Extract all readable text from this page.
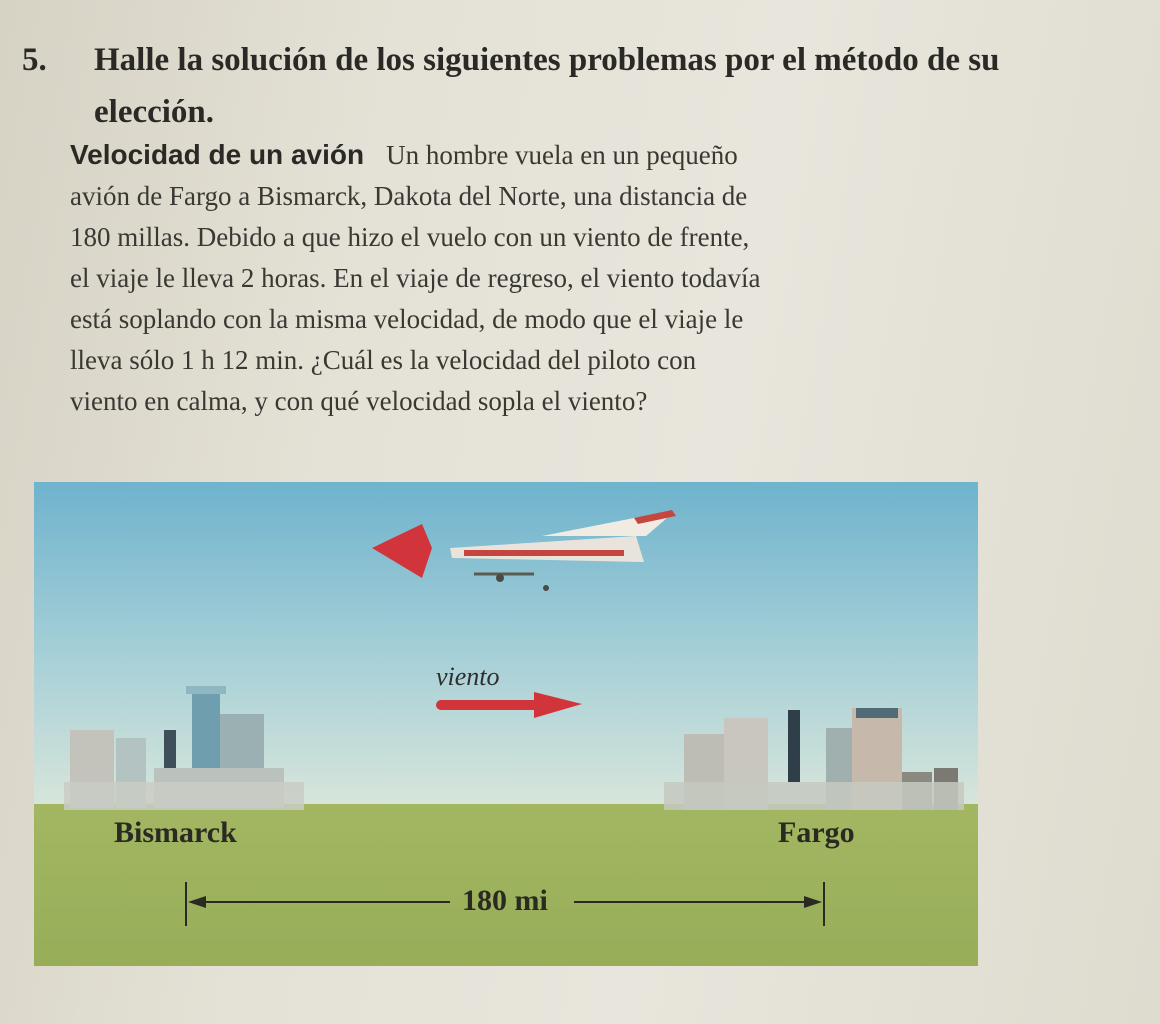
5. Halle la solución de los siguientes problemas por el método de su elección.
Velocidad de un avión Un hombre vuela en un pequeño
avión de Fargo a Bismarck, Dakota del Norte, una distancia de
180 millas. Debido a que hizo el vuelo con un viento de frente,
el viaje le lleva 2 horas. En el viaje de regreso, el viento todavía
está soplando con la misma velocidad, de modo que el viaje le
lleva sólo 1 h 12 min. ¿Cuál es la velocidad del piloto con
viento en calma, y con qué velocidad sopla el viento?
viento
Bismarck	Fargo
180 mi
